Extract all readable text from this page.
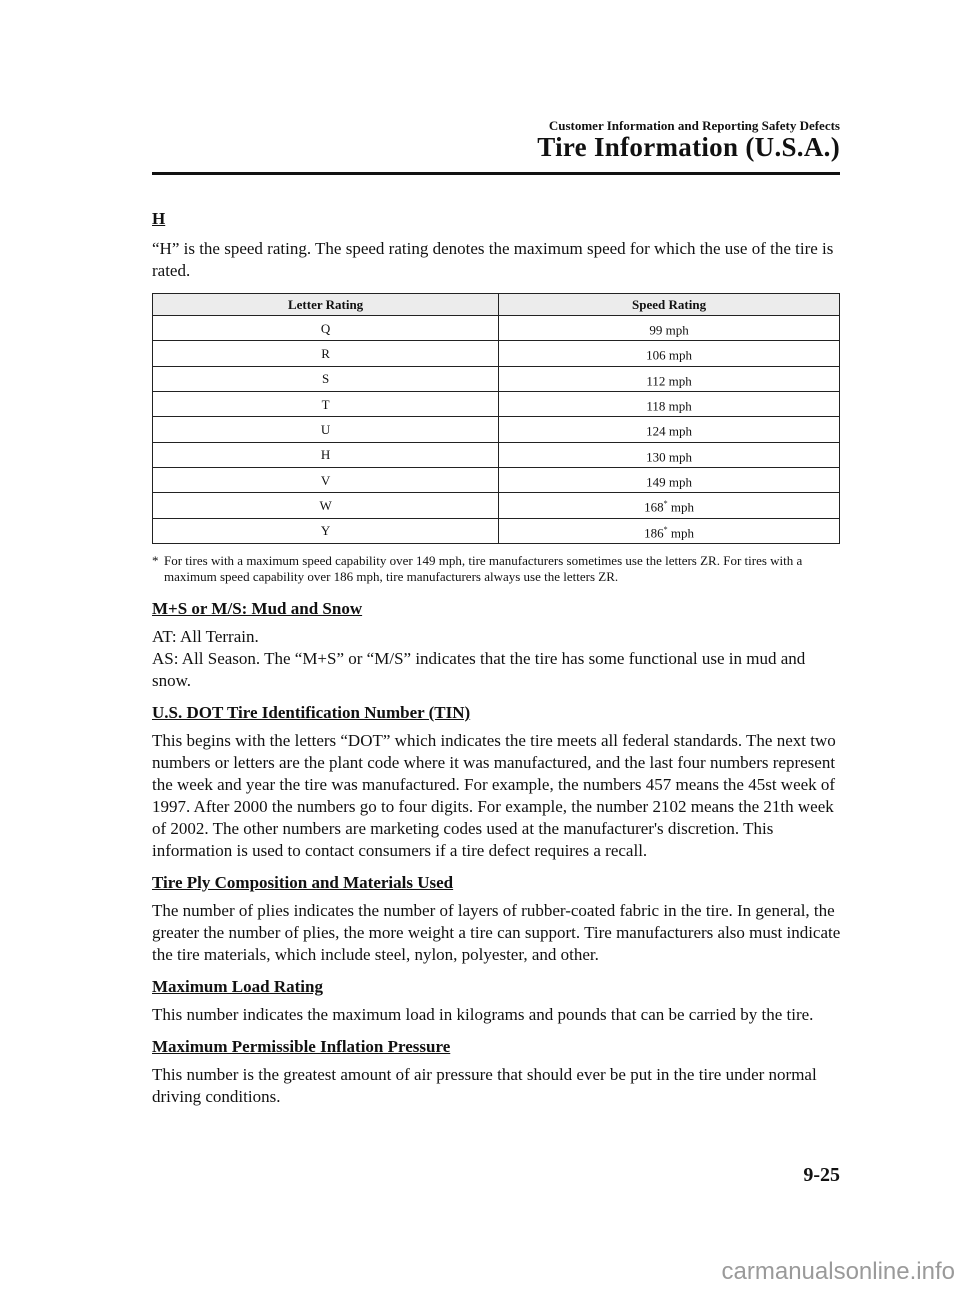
Customer Information and Reporting Safety Defects
Tire Information (U.S.A.)
H

“H” is the speed rating. The speed rating denotes the maximum speed for which the use of the tire is rated.

Letter Rating	Speed Rating
Q	99 mph
R	106 mph
S	112 mph
T	118 mph
U	124 mph
H	130 mph
V	149 mph
W	168* mph
Y	186* mph
* For tires with a maximum speed capability over 149 mph, tire manufacturers sometimes use the letters ZR. For tires with a maximum speed capability over 186 mph, tire manufacturers always use the letters ZR.
M+S or M/S: Mud and Snow

AT: All Terrain.

AS: All Season. The “M+S” or “M/S” indicates that the tire has some functional use in mud and snow.

U.S. DOT Tire Identification Number (TIN)

This begins with the letters “DOT” which indicates the tire meets all federal standards. The next two numbers or letters are the plant code where it was manufactured, and the last four numbers represent the week and year the tire was manufactured. For example, the numbers 457 means the 45st week of 1997. After 2000 the numbers go to four digits. For example, the number 2102 means the 21th week of 2002. The other numbers are marketing codes used at the manufacturer's discretion. This information is used to contact consumers if a tire defect requires a recall.

Tire Ply Composition and Materials Used

The number of plies indicates the number of layers of rubber-coated fabric in the tire. In general, the greater the number of plies, the more weight a tire can support. Tire manufacturers also must indicate the tire materials, which include steel, nylon, polyester, and other.

Maximum Load Rating

This number indicates the maximum load in kilograms and pounds that can be carried by the tire.

Maximum Permissible Inflation Pressure

This number is the greatest amount of air pressure that should ever be put in the tire under normal driving conditions.

9-25
carmanualsonline.info
